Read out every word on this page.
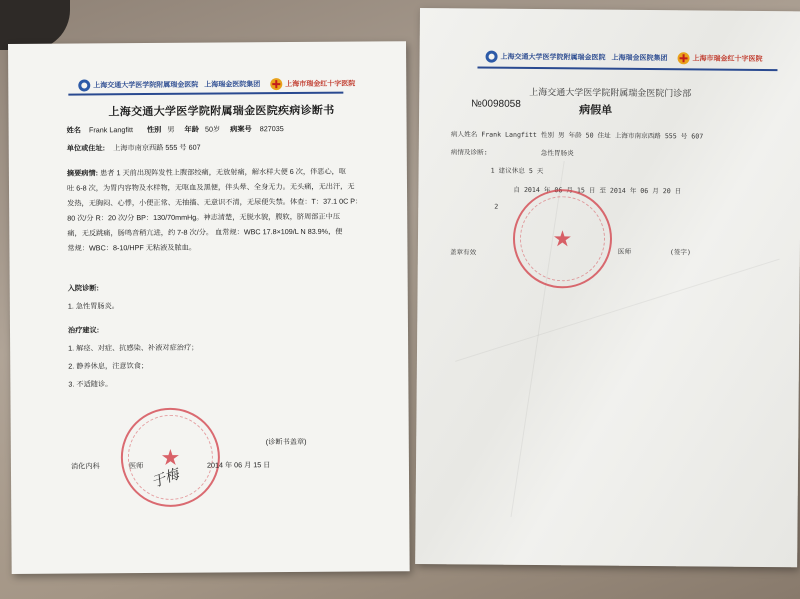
上海交通大学医学院附属瑞金医院 上海瑞金医院集团	上海市瑞金红十字医院
上海交通大学医学院附属瑞金医院疾病诊断书
姓名 Frank Langfitt 性别 男 年龄 50岁 病案号 827035
单位或住址: 上海市南京西路 555 号 607
摘要病情: 患者 1 天前出现阵发性上腹部绞痛，无放射痛，解水样大便 6 次，伴恶心，呕
吐 6-8 次，为胃内容物及水样物，无呕血及黑便，伴头晕、全身无力。无头痛，无出汗，无
发热，无胸闷、心悸，小便正常、无抽搐、无意识不清，无尿便失禁。体查：T：37.1 0C P：
80 次/分 R：20 次/分 BP：130/70mmHg。神志清楚，无脱水貌，腹软，脐周部正中压
痛，无反跳痛，肠鸣音稍亢进，约 7-8 次/分。 血常规：WBC 17.8×109/L N 83.9%，便
常规：WBC：8-10/HPF 无粘液及脓血。
入院诊断:
1. 急性胃肠炎。
治疗建议:
1. 解痉、对症、抗感染、补液对症治疗；
2. 静养休息，注意饮食；
3. 不适随诊。
(诊断书盖章)
★
消化内科	医师
于梅
2014 年 06 月 15 日
上海交通大学医学院附属瑞金医院 上海瑞金医院集团	上海市瑞金红十字医院
上海交通大学医学院附属瑞金医院门诊部
№0098058
病假单
病人姓名 Frank Langfitt 性别 男 年龄 50 住址 上海市南京西路 555 号 607
病情及诊断:	急性胃肠炎
1 建议休息 5 天
自 2014 年 06 月 15 日 至 2014 年 06 月 20 日
2
★
盖章有效	医师	(签字)
